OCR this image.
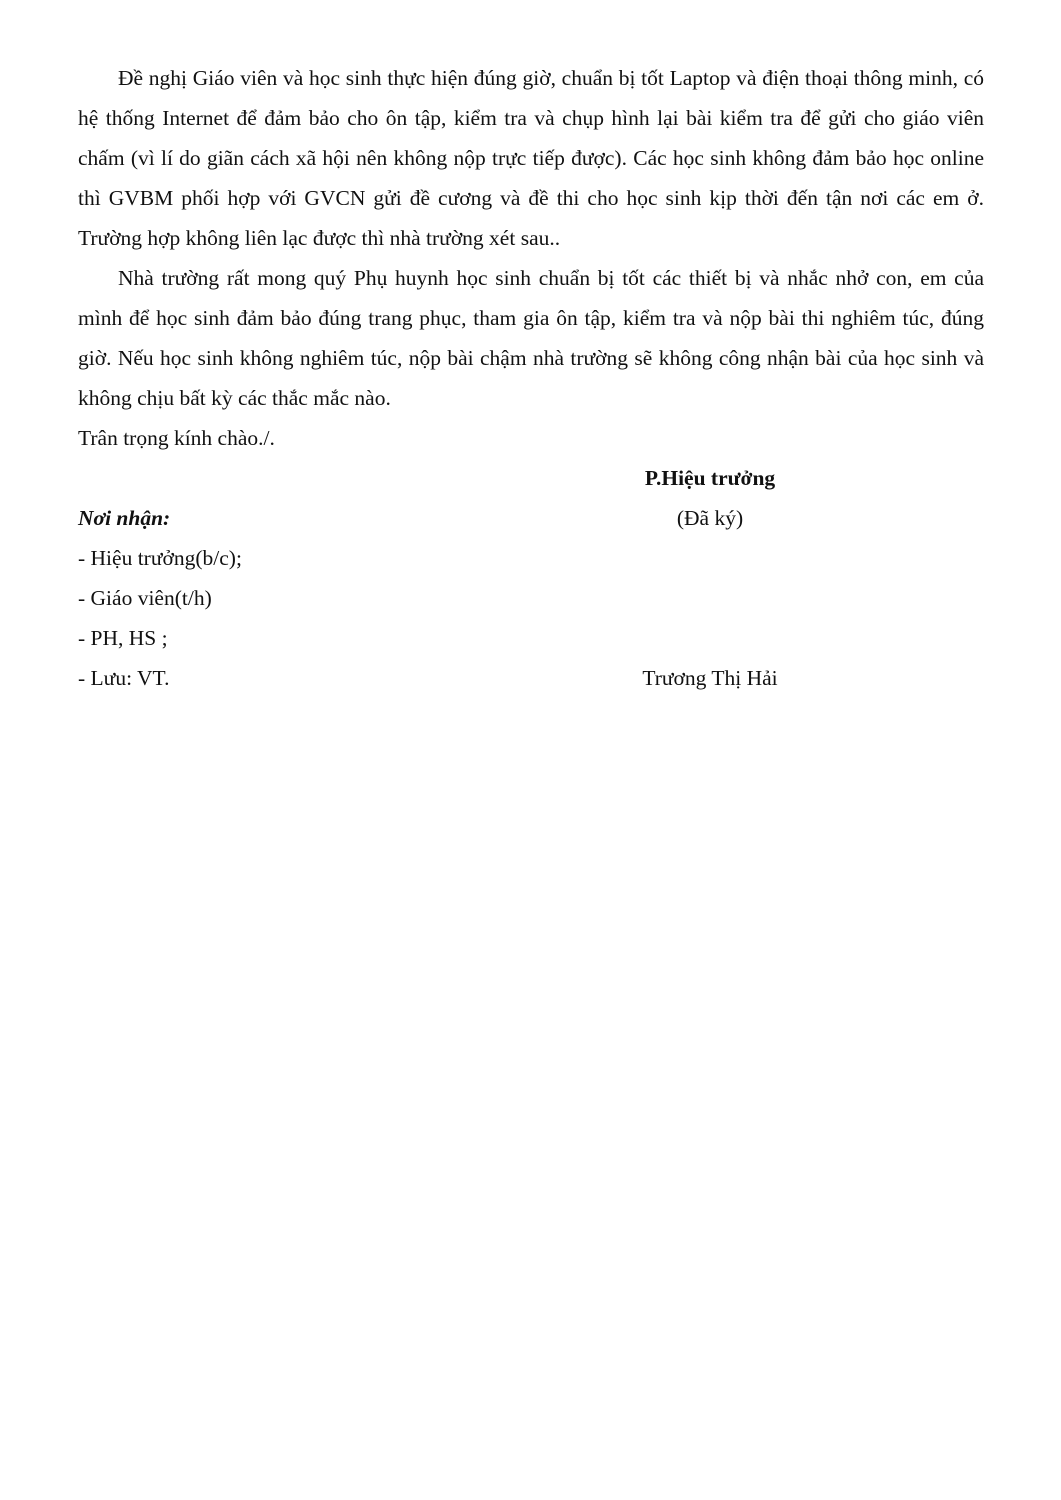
Đề nghị Giáo viên và học sinh thực hiện đúng giờ, chuẩn bị tốt Laptop và điện thoại thông minh, có hệ thống Internet để đảm bảo cho ôn tập, kiểm tra và chụp hình lại bài kiểm tra để gửi cho giáo viên chấm (vì lí do giãn cách xã hội nên không nộp trực tiếp được). Các học sinh không đảm bảo học online thì GVBM phối hợp với GVCN gửi đề cương và đề thi cho học sinh kịp thời đến tận nơi các em ở. Trường hợp không liên lạc được thì nhà trường xét sau..

Nhà trường rất mong quý Phụ huynh học sinh chuẩn bị tốt các thiết bị và nhắc nhở con, em của mình để học sinh đảm bảo đúng trang phục, tham gia ôn tập, kiểm tra và nộp bài thi nghiêm túc, đúng giờ. Nếu học sinh không nghiêm túc, nộp bài chậm nhà trường sẽ không công nhận bài của học sinh và không chịu bất kỳ các thắc mắc nào.

Trân trọng kính chào./.

P.Hiệu trưởng
(Đã ký)
Trương Thị Hải

Nơi nhận:

- Hiệu trưởng(b/c);
- Giáo viên(t/h)
- PH, HS ;
- Lưu: VT.
